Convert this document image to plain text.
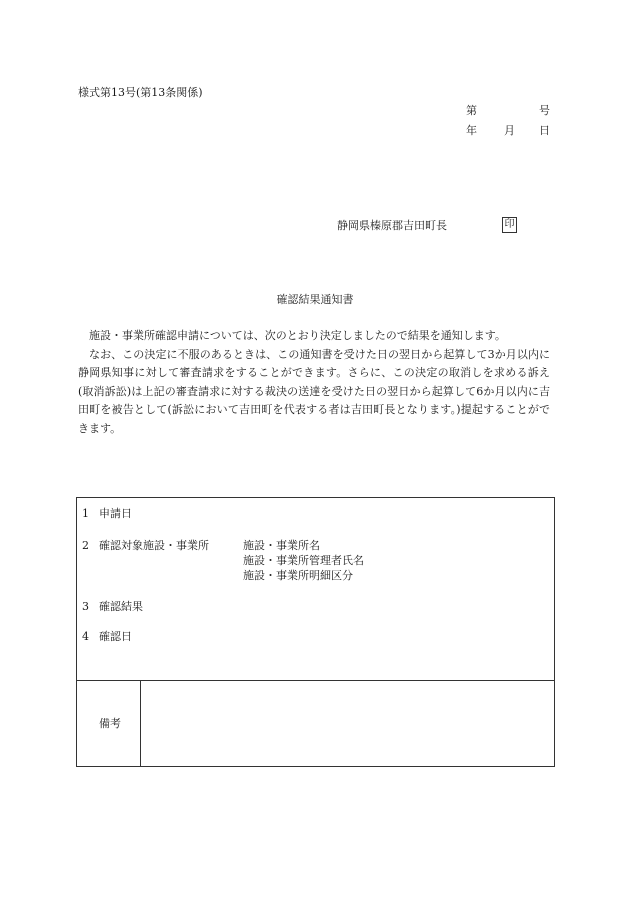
様式第13号(第13条関係)
第	号
年 月 日
静岡県榛原郡吉田町長	印
確認結果通知書

施設・事業所確認申請については、次のとおり決定しましたので結果を通知します。

なお、この決定に不服のあるときは、この通知書を受けた日の翌日から起算して3か月以内に静岡県知事に対して審査請求をすることができます。さらに、この決定の取消しを求める訴え(取消訴訟)は上記の審査請求に対する裁決の送達を受けた日の翌日から起算して6か月以内に吉田町を被告として(訴訟において吉田町を代表する者は吉田町長となります。)提起することができます。

1 申請日
2 確認対象施設・事業所	施設・事業所名
施設・事業所管理者氏名
施設・事業所明細区分
3 確認結果
4 確認日
備考
